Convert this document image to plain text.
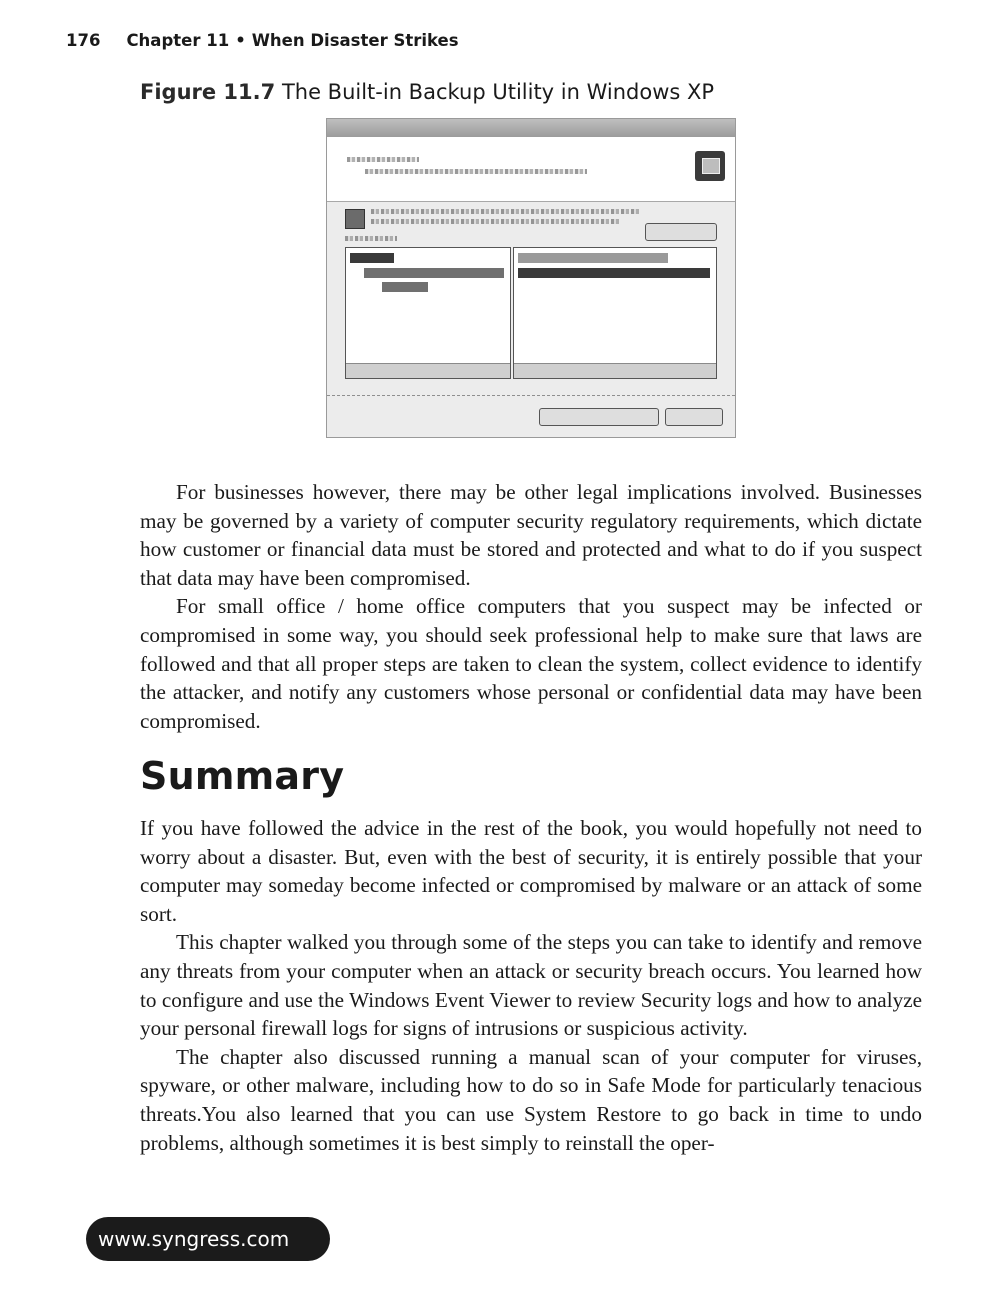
176 Chapter 11 • When Disaster Strikes
Figure 11.7 The Built-in Backup Utility in Windows XP

For businesses however, there may be other legal implications involved. Businesses may be governed by a variety of computer security regulatory requirements, which dictate how customer or financial data must be stored and protected and what to do if you suspect that data may have been compromised.

For small office / home office computers that you suspect may be infected or compromised in some way, you should seek professional help to make sure that laws are followed and that all proper steps are taken to clean the system, collect evidence to identify the attacker, and notify any customers whose personal or confidential data may have been compromised.

Summary

If you have followed the advice in the rest of the book, you would hopefully not need to worry about a disaster. But, even with the best of security, it is entirely possible that your computer may someday become infected or compromised by malware or an attack of some sort.

This chapter walked you through some of the steps you can take to identify and remove any threats from your computer when an attack or security breach occurs. You learned how to configure and use the Windows Event Viewer to review Security logs and how to analyze your personal firewall logs for signs of intrusions or suspicious activity.

The chapter also discussed running a manual scan of your computer for viruses, spyware, or other malware, including how to do so in Safe Mode for particularly tenacious threats.You also learned that you can use System Restore to go back in time to undo problems, although sometimes it is best simply to reinstall the oper-

www.syngress.com
